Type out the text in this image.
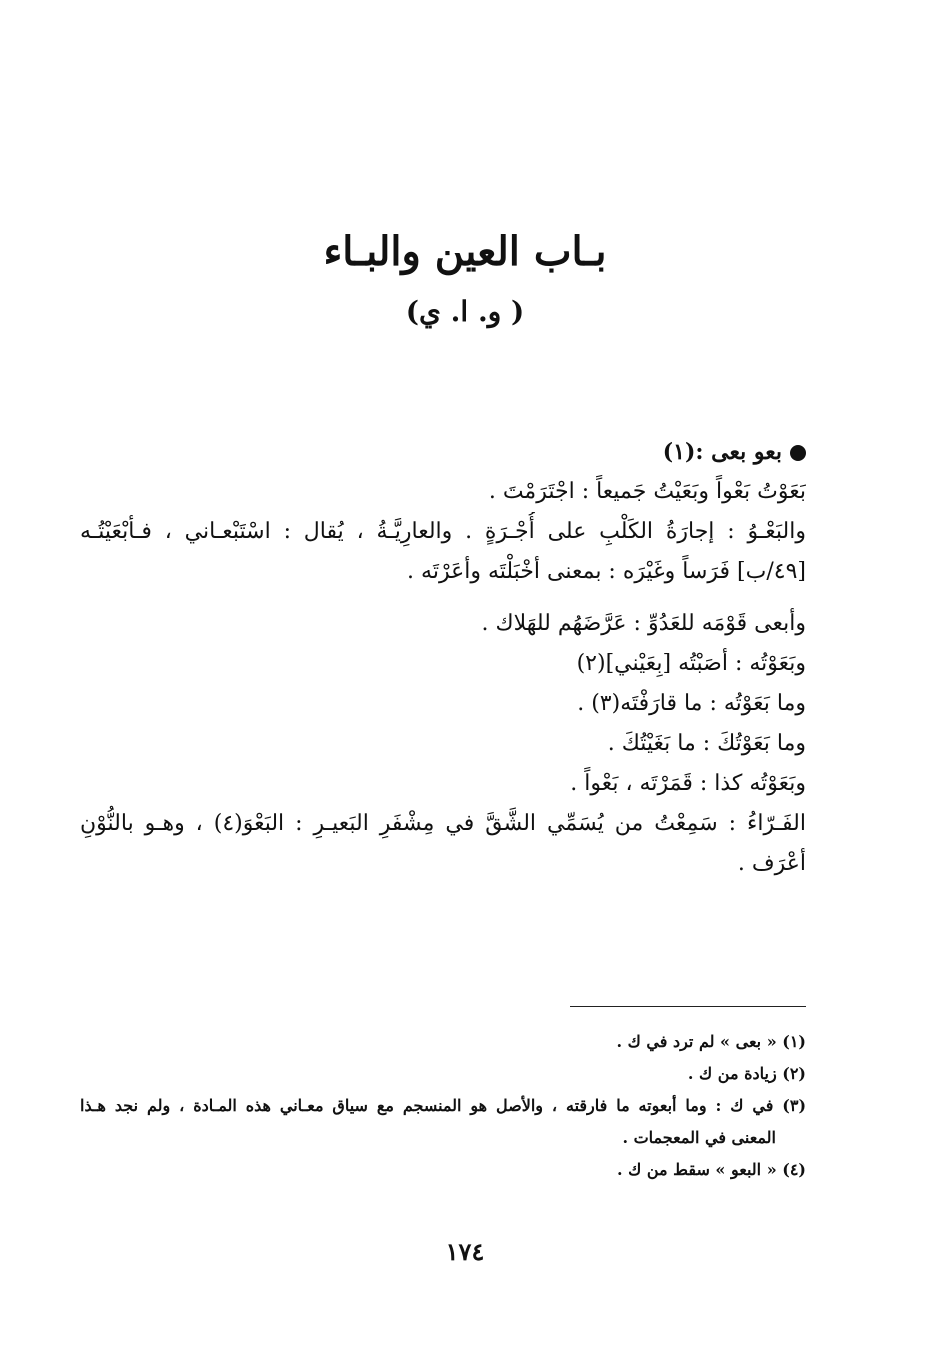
بـاب العين والبـاء
( و. ا. ي)
بعو بعى :(١)
بَعَوْتُ بَعْواً وبَعَيْتُ جَميعاً : اجْتَرَمْتَ .
والبَعْـوُ : إجارَةُ الكَلْبِ على أُجْـرَةٍ . والعارِيَّـةُ ، يُقال : اسْتَبْعـاني ، فـأبْعَيْتُـه
[٤٩/ب] فَرَساً وغَيْرَه : بمعنى أخْبَلْتَه وأعَرْتَه .
وأبعى قَوْمَه للعَدُوِّ : عَرَّضَهُم للهَلاك .
وبَعَوْتُه : أصَبْتُه [بِعَيْني](٢)
وما بَعَوْتُه : ما قارَفْتَه(٣) .
وما بَعَوْتُكَ : ما بَغَيْتُكَ .
وبَعَوْتُه كذا : قَمَرْتَه ، بَعْواً .
الفَـرّاءُ : سَمِعْتُ من يُسَمِّي الشَّقَّ في مِشْفَرِ البَعيـرِ : البَعْوَ(٤) ، وهـو بالنُّوْنِ
أعْرَف .
(١) « بعى » لم ترد في ك .
(٢) زيادة من ك .
(٣) في ك : وما أبعوته ما فارقته ، والأصل هو المنسجم مع سياق معـاني هذه المـادة ، ولم نجد هـذا
المعنى في المعجمات .
(٤) « البعو » سقط من ك .
١٧٤
